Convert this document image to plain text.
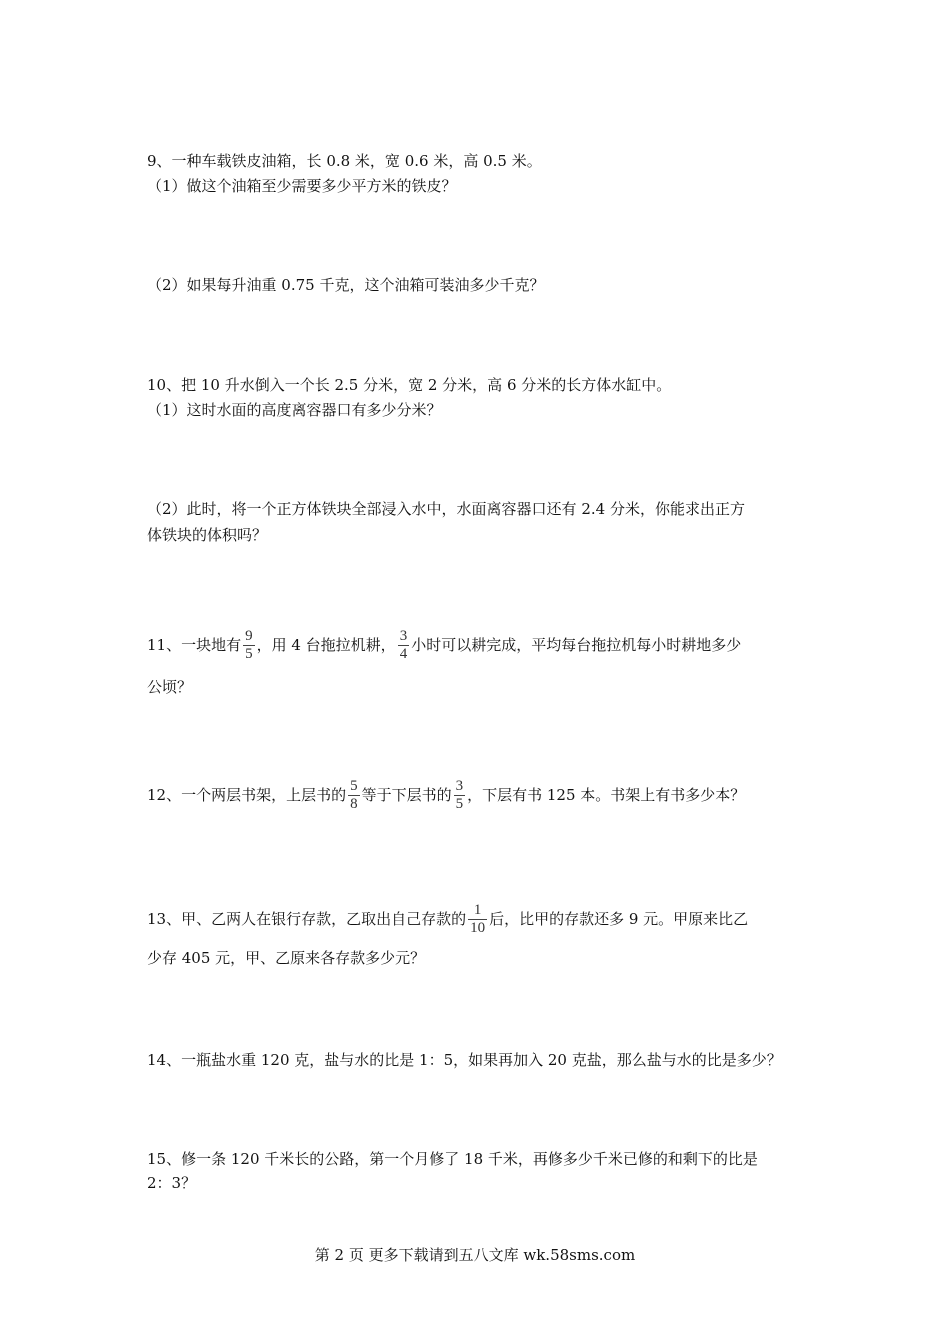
9、一种车载铁皮油箱，长 0.8 米，宽 0.6 米，高 0.5 米。
（1）做这个油箱至少需要多少平方米的铁皮？
（2）如果每升油重 0.75 千克，这个油箱可装油多少千克？
10、把 10 升水倒入一个长 2.5 分米，宽 2 分米，高 6 分米的长方体水缸中。
（1）这时水面的高度离容器口有多少分米？
（2）此时，将一个正方体铁块全部浸入水中，水面离容器口还有 2.4 分米，你能求出正方
体铁块的体积吗？
11、一块地有 $\frac{9}{5}$ ，用 4 台拖拉机耕， $\frac{3}{4}$ 小时可以耕完成，平均每台拖拉机每小时耕地多少
公顷？
12、一个两层书架，上层书的 $\frac{5}{8}$ 等于下层书的 $\frac{3}{5}$ ，下层有书 125 本。书架上有书多少本？
13、甲、乙两人在银行存款，乙取出自己存款的 $\frac{1}{10}$ 后，比甲的存款还多 9 元。甲原来比乙
少存 405 元，甲、乙原来各存款多少元？
14、一瓶盐水重 120 克，盐与水的比是 1：5，如果再加入 20 克盐，那么盐与水的比是多少？
15、修一条 120 千米长的公路，第一个月修了 18 千米，再修多少千米已修的和剩下的比是
2：3？
第 2 页 更多下载请到五八文库 wk.58sms.com
